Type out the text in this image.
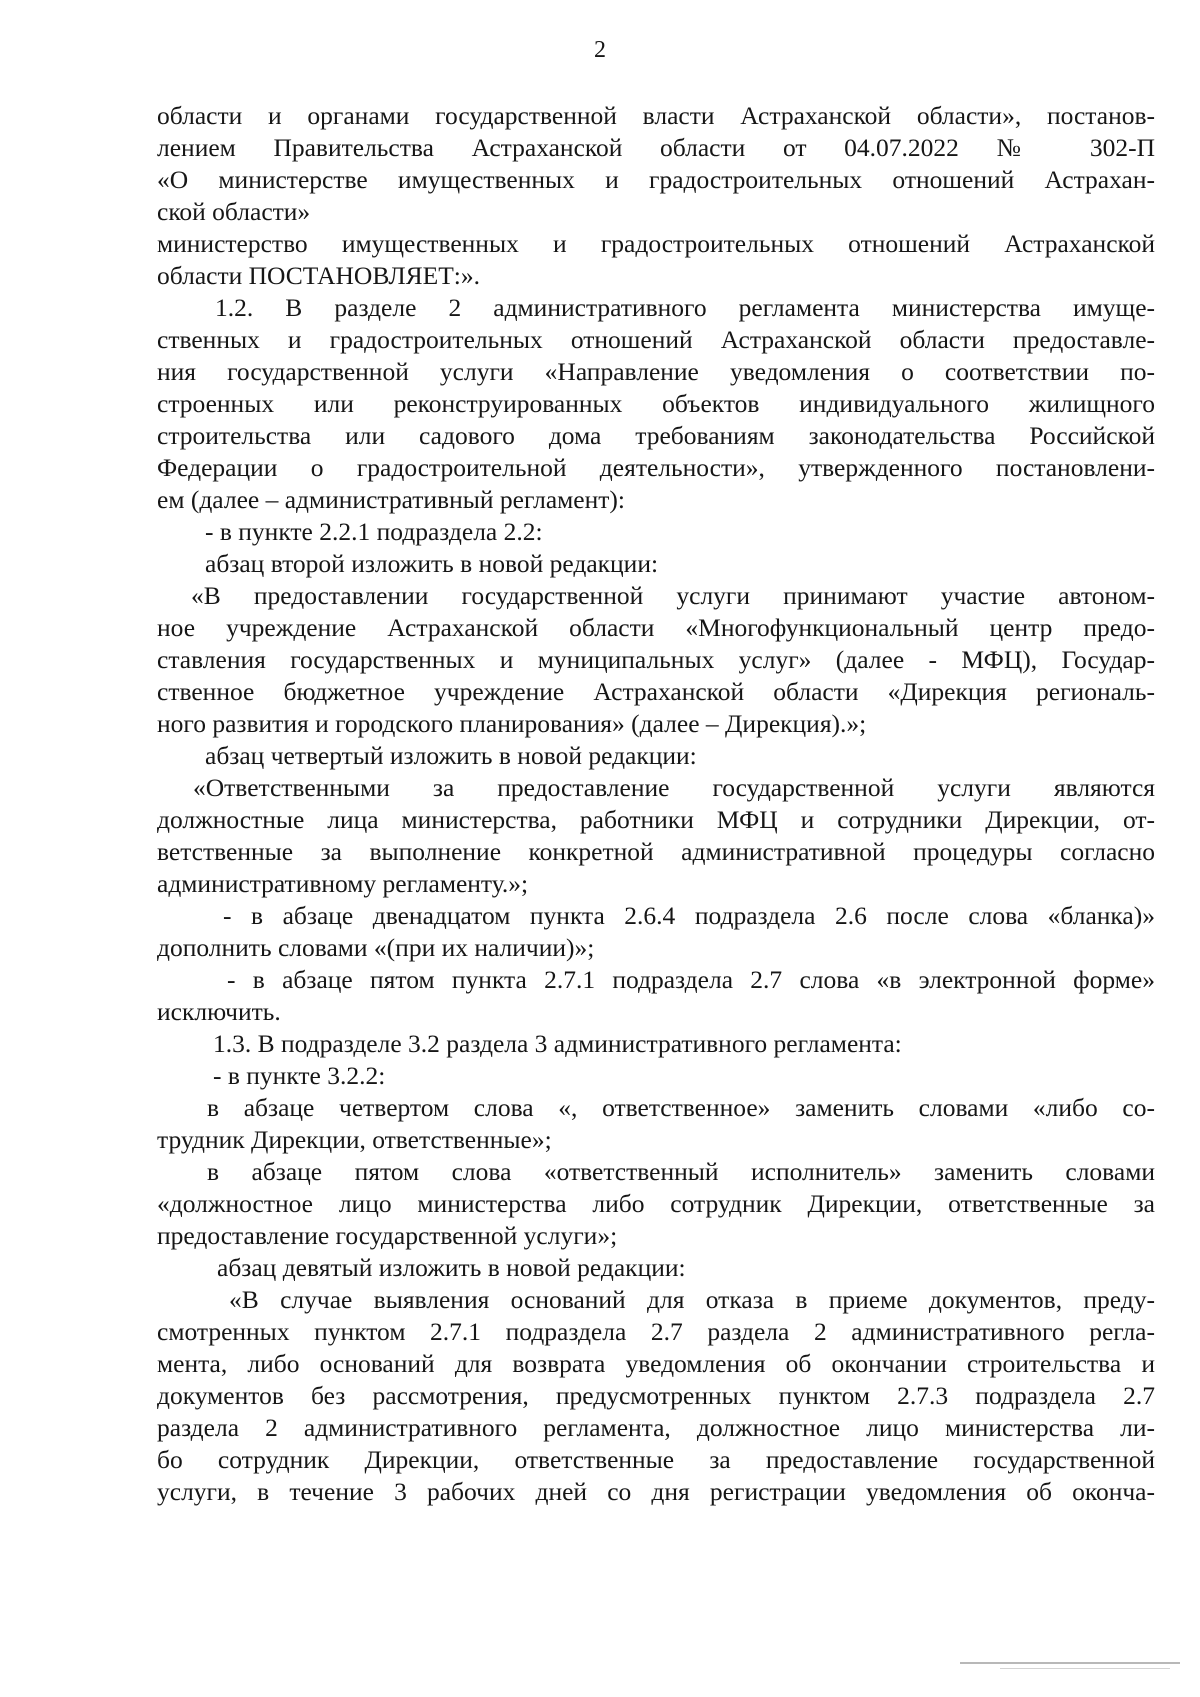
2
области и органами государственной власти Астраханской области», постанов-
лением Правительства Астраханской области от 04.07.2022 № 302-П
«О министерстве имущественных и градостроительных отношений Астрахан-
ской области»
министерство имущественных и градостроительных отношений Астраханской
области ПОСТАНОВЛЯЕТ:».
1.2. В разделе 2 административного регламента министерства имуще-
ственных и градостроительных отношений Астраханской области предоставле-
ния государственной услуги «Направление уведомления о соответствии по-
строенных или реконструированных объектов индивидуального жилищного
строительства или садового дома требованиям законодательства Российской
Федерации о градостроительной деятельности», утвержденного постановлени-
ем (далее – административный регламент):
- в пункте 2.2.1 подраздела 2.2:
абзац второй изложить в новой редакции:
«В предоставлении государственной услуги принимают участие автоном-
ное учреждение Астраханской области «Многофункциональный центр предо-
ставления государственных и муниципальных услуг» (далее - МФЦ), Государ-
ственное бюджетное учреждение Астраханской области «Дирекция региональ-
ного развития и городского планирования» (далее – Дирекция).»;
абзац четвертый изложить в новой редакции:
«Ответственными за предоставление государственной услуги являются
должностные лица министерства, работники МФЦ и сотрудники Дирекции, от-
ветственные за выполнение конкретной административной процедуры согласно
административному регламенту.»;
- в абзаце двенадцатом пункта 2.6.4 подраздела 2.6 после слова «бланка)»
дополнить словами «(при их наличии)»;
- в абзаце пятом пункта 2.7.1 подраздела 2.7 слова «в электронной форме»
исключить.
1.3. В подразделе 3.2 раздела 3 административного регламента:
- в пункте 3.2.2:
в абзаце четвертом слова «, ответственное» заменить словами «либо со-
трудник Дирекции, ответственные»;
в абзаце пятом слова «ответственный исполнитель» заменить словами
«должностное лицо министерства либо сотрудник Дирекции, ответственные за
предоставление государственной услуги»;
абзац девятый изложить в новой редакции:
«В случае выявления оснований для отказа в приеме документов, преду-
смотренных пунктом 2.7.1 подраздела 2.7 раздела 2 административного регла-
мента, либо оснований для возврата уведомления об окончании строительства и
документов без рассмотрения, предусмотренных пунктом 2.7.3 подраздела 2.7
раздела 2 административного регламента, должностное лицо министерства ли-
бо сотрудник Дирекции, ответственные за предоставление государственной
услуги, в течение 3 рабочих дней со дня регистрации уведомления об оконча-
